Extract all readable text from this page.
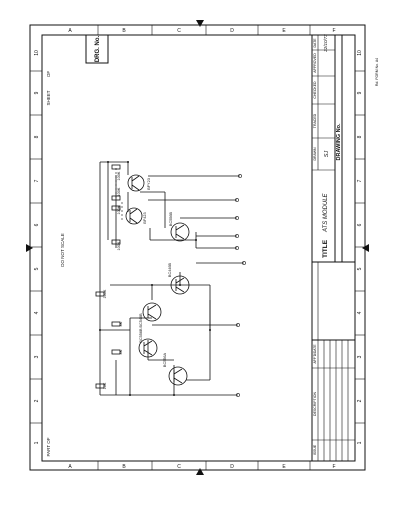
A	B	C	D	E	F
A	B	C	D	E	F
10
9
8
7
6
5
4
3
2
1
10
9
8
7
6
5
4
3
2
1
DRG. No.
SHEET
OF
PART OF
DO NOT SCALE
Rd. FORM No. A4
TITLE
ATS MODULE
DRAWN
TRACED
CHECKED
APPROVED
DATE
SJ
22/10/73
DRAWING No.
APP'D/DATE
DESCRIPTION
ISSUE
BFY23
BF423	BC556B
BC446B
BC556B BC546B
BC556A
100K
100K
100K
100K
100K
8K
8K
10K
